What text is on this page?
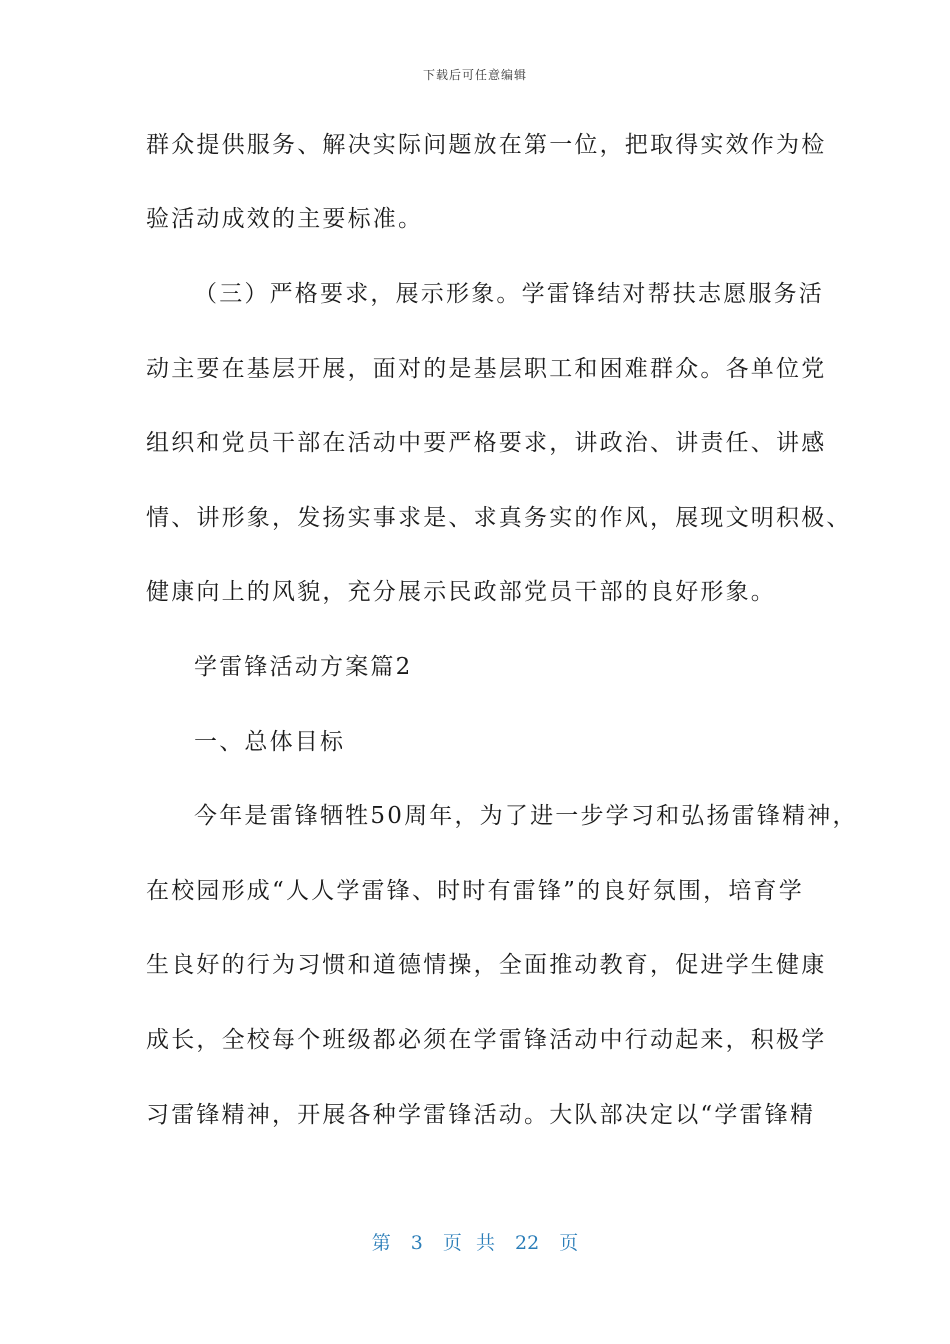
下载后可任意编辑
群众提供服务、解决实际问题放在第一位，把取得实效作为检
验活动成效的主要标准。
（三）严格要求，展示形象。学雷锋结对帮扶志愿服务活
动主要在基层开展，面对的是基层职工和困难群众。各单位党
组织和党员干部在活动中要严格要求，讲政治、讲责任、讲感
情、讲形象，发扬实事求是、求真务实的作风，展现文明积极、
健康向上的风貌，充分展示民政部党员干部的良好形象。
学雷锋活动方案篇2
一、总体目标
今年是雷锋牺牲50周年，为了进一步学习和弘扬雷锋精神，
在校园形成“人人学雷锋、时时有雷锋”的良好氛围，培育学
生良好的行为习惯和道德情操，全面推动教育，促进学生健康
成长，全校每个班级都必须在学雷锋活动中行动起来，积极学
习雷锋精神，开展各种学雷锋活动。大队部决定以“学雷锋精
第 3 页 共 22 页
